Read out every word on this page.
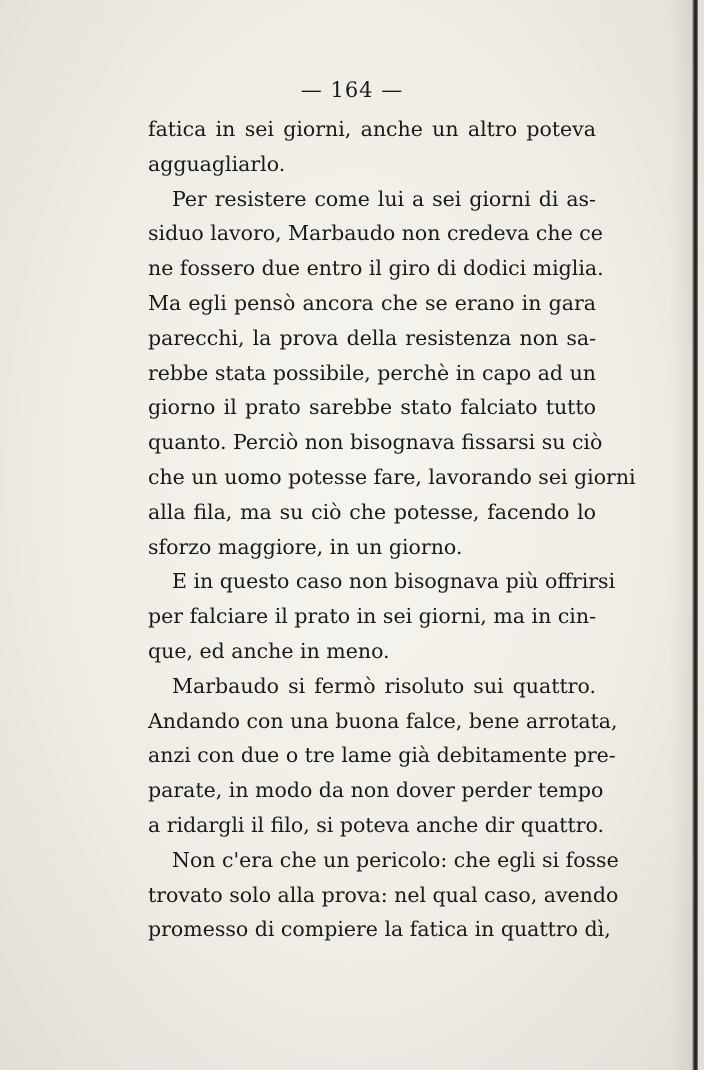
— 164 —
fatica in sei giorni, anche un altro poteva
agguagliarlo.
Per resistere come lui a sei giorni di as-
siduo lavoro, Marbaudo non credeva che ce
ne fossero due entro il giro di dodici miglia.
Ma egli pensò ancora che se erano in gara
parecchi, la prova della resistenza non sa-
rebbe stata possibile, perchè in capo ad un
giorno il prato sarebbe stato falciato tutto
quanto. Perciò non bisognava fissarsi su ciò
che un uomo potesse fare, lavorando sei giorni
alla fila, ma su ciò che potesse, facendo lo
sforzo maggiore, in un giorno.
E in questo caso non bisognava più offrirsi
per falciare il prato in sei giorni, ma in cin-
que, ed anche in meno.
Marbaudo si fermò risoluto sui quattro.
Andando con una buona falce, bene arrotata,
anzi con due o tre lame già debitamente pre-
parate, in modo da non dover perder tempo
a ridargli il filo, si poteva anche dir quattro.
Non c'era che un pericolo: che egli si fosse
trovato solo alla prova: nel qual caso, avendo
promesso di compiere la fatica in quattro dì,
